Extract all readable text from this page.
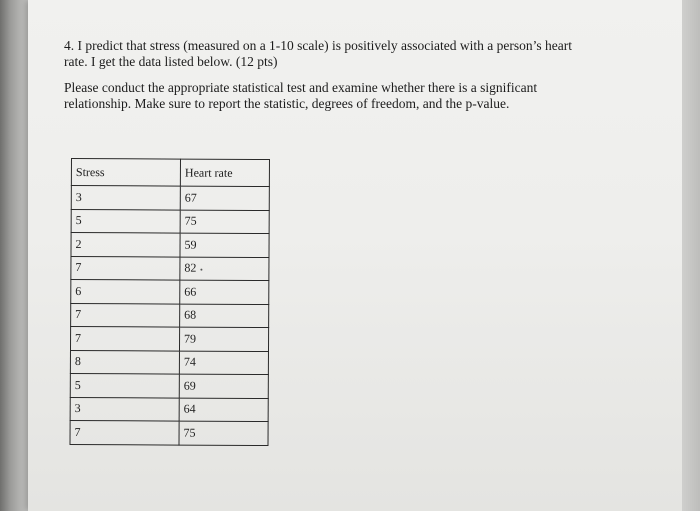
4. I predict that stress (measured on a 1-10 scale) is positively associated with a person’s heart
rate. I get the data listed below. (12 pts)
Please conduct the appropriate statistical test and examine whether there is a significant
relationship. Make sure to report the statistic, degrees of freedom, and the p-value.
Stress	Heart rate
3	67
5	75
2	59
7	82
6	66
7	68
7	79
8	74
5	69
3	64
7	75
